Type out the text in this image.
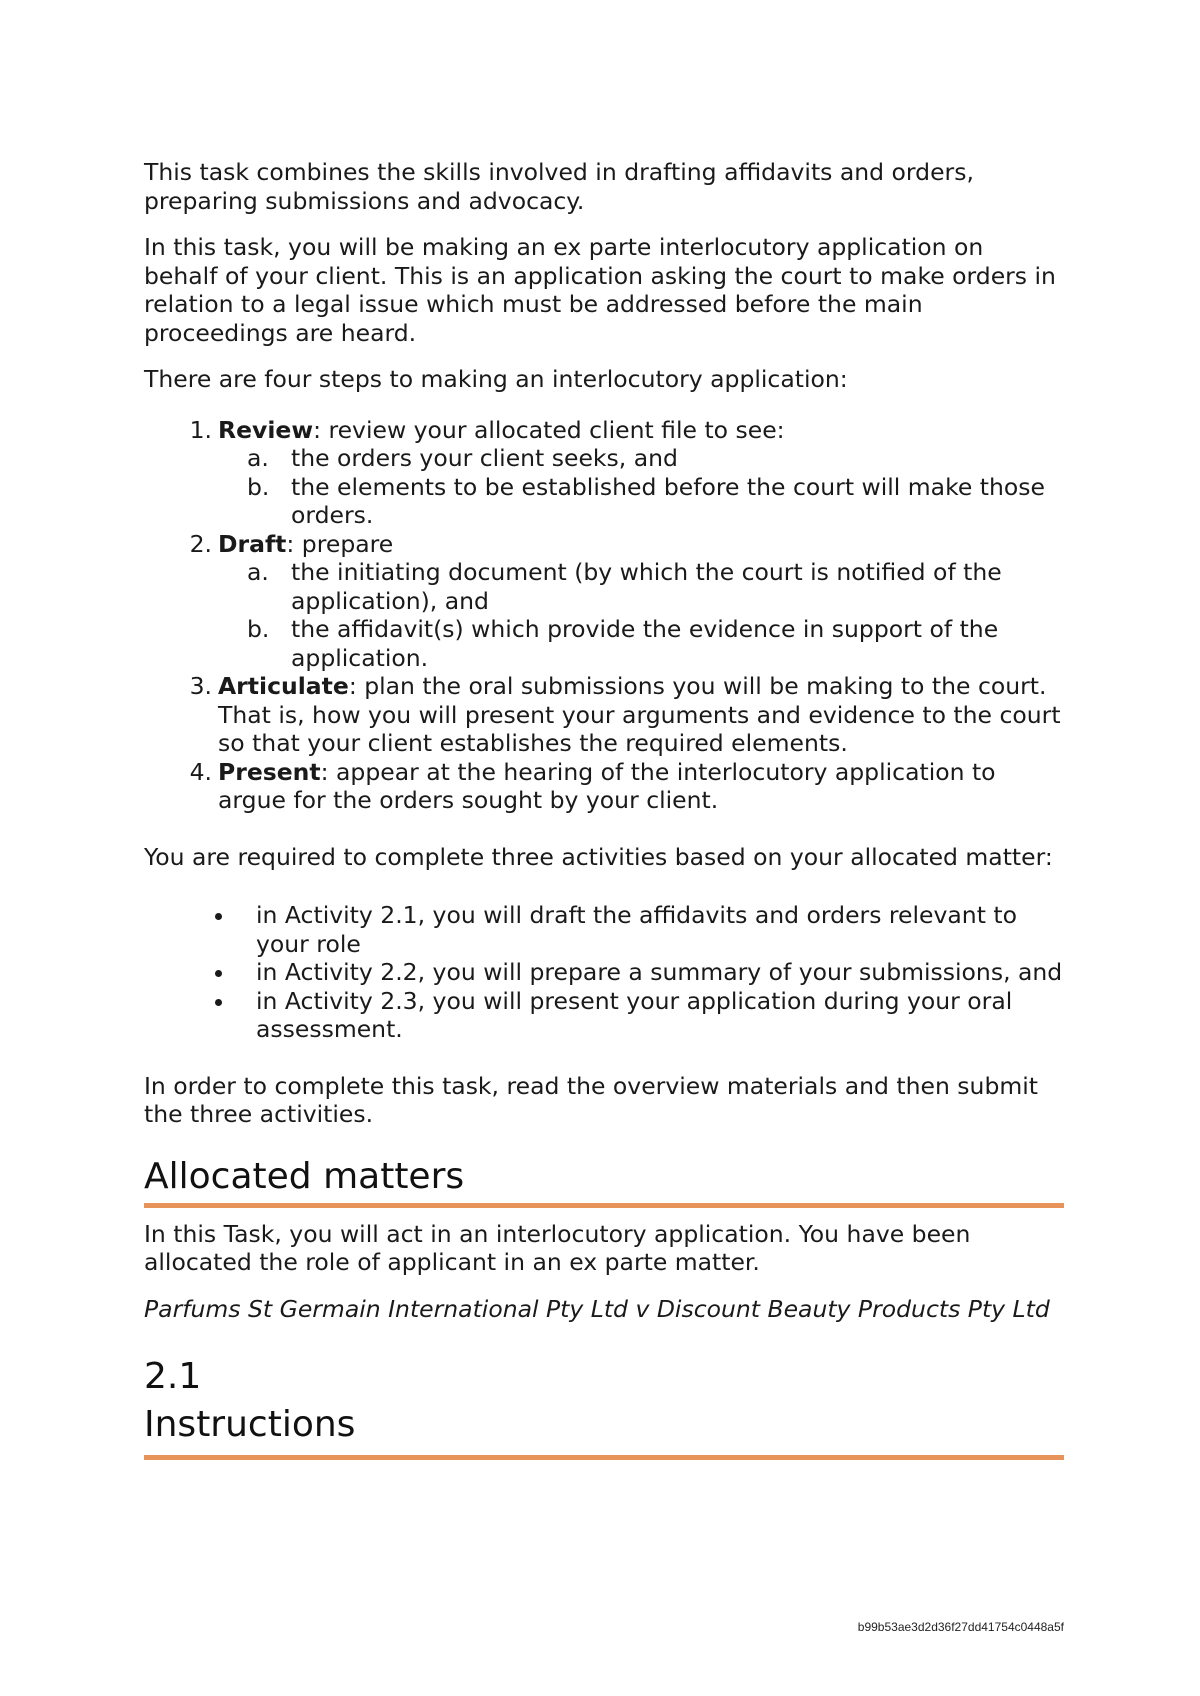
This task combines the skills involved in drafting affidavits and orders, preparing submissions and advocacy.

In this task, you will be making an ex parte interlocutory application on behalf of your client. This is an application asking the court to make orders in relation to a legal issue which must be addressed before the main proceedings are heard.

There are four steps to making an interlocutory application:

1. Review: review your allocated client file to see:
a. the orders your client seeks, and
b. the elements to be established before the court will make those orders.
2. Draft: prepare
a. the initiating document (by which the court is notified of the application), and
b. the affidavit(s) which provide the evidence in support of the application.
3. Articulate: plan the oral submissions you will be making to the court. That is, how you will present your arguments and evidence to the court so that your client establishes the required elements.
4. Present: appear at the hearing of the interlocutory application to argue for the orders sought by your client.

You are required to complete three activities based on your allocated matter:

in Activity 2.1, you will draft the affidavits and orders relevant to your role
in Activity 2.2, you will prepare a summary of your submissions, and
in Activity 2.3, you will present your application during your oral assessment.

In order to complete this task, read the overview materials and then submit the three activities.

Allocated matters

In this Task, you will act in an interlocutory application. You have been allocated the role of applicant in an ex parte matter.

Parfums St Germain International Pty Ltd v Discount Beauty Products Pty Ltd

2.1
Instructions
b99b53ae3d2d36f27dd41754c0448a5f
